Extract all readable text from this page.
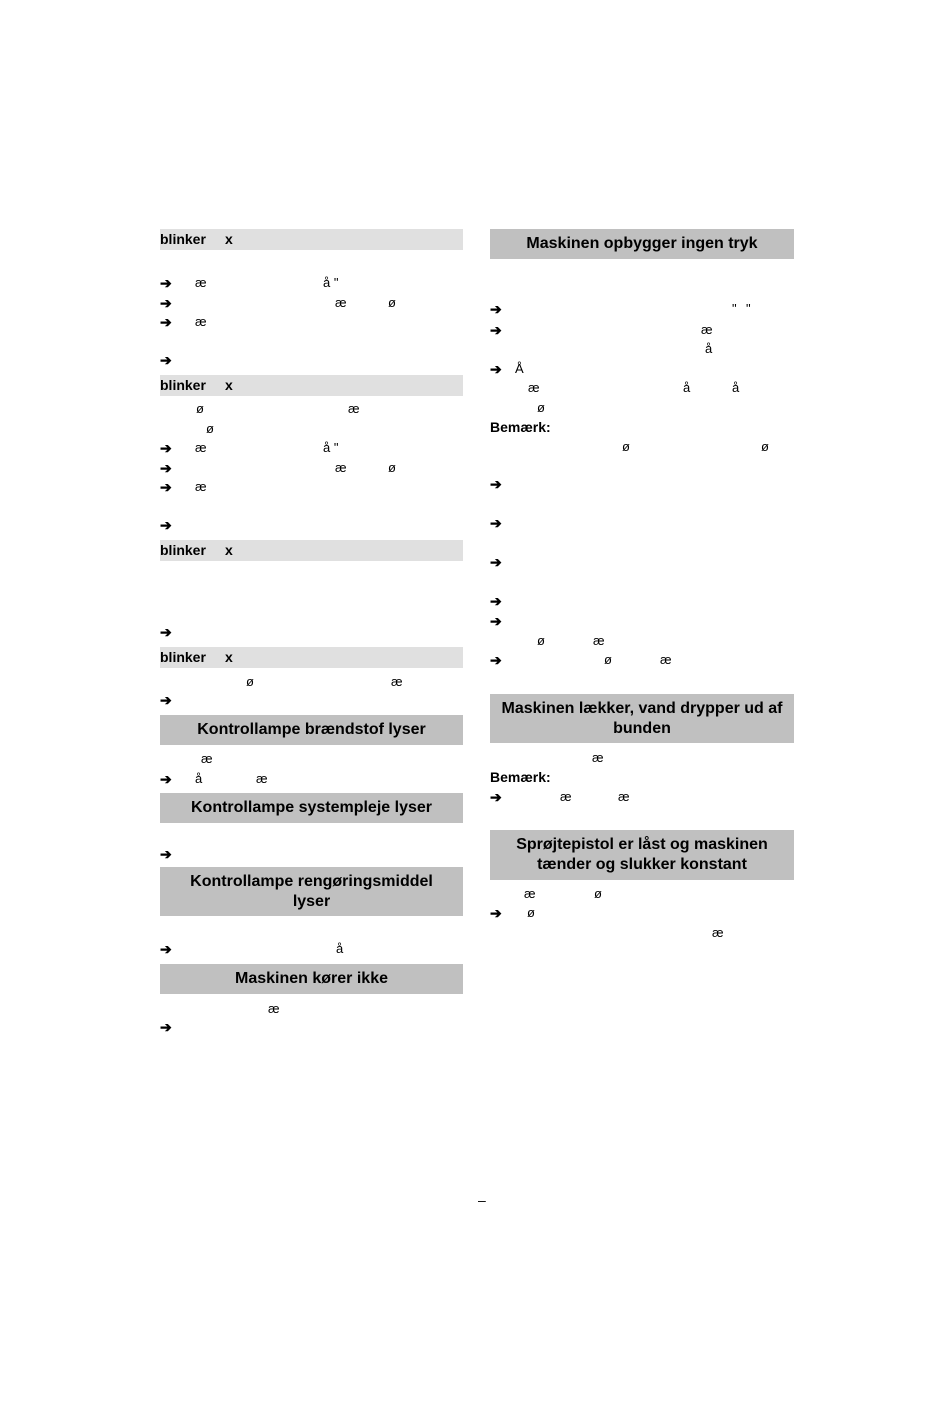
blinker x
➔ æ	å "
➔	æ	ø
➔ æ
➔
blinker x
ø	æ
ø
➔ æ	å "
➔	æ	ø
➔ æ
➔
blinker x
➔
blinker x
ø	æ
➔
Kontrollampe brændstof lyser
æ
➔ å	æ
Kontrollampe systempleje lyser
➔
Kontrollampe rengøringsmiddel lyser
➔	å
Maskinen kører ikke
æ
➔
Maskinen opbygger ingen tryk
➔	" "
➔	æ
å
➔ Å
æ	å	å
ø
Bemærk:
ø	ø
➔
➔
➔
➔
➔
ø	æ
➔	ø	æ
Maskinen lækker, vand drypper ud af bunden
æ
Bemærk:
➔	æ	æ
Sprøjtepistol er låst og maskinen tænder og slukker konstant
æ	ø
➔ ø
æ
–
